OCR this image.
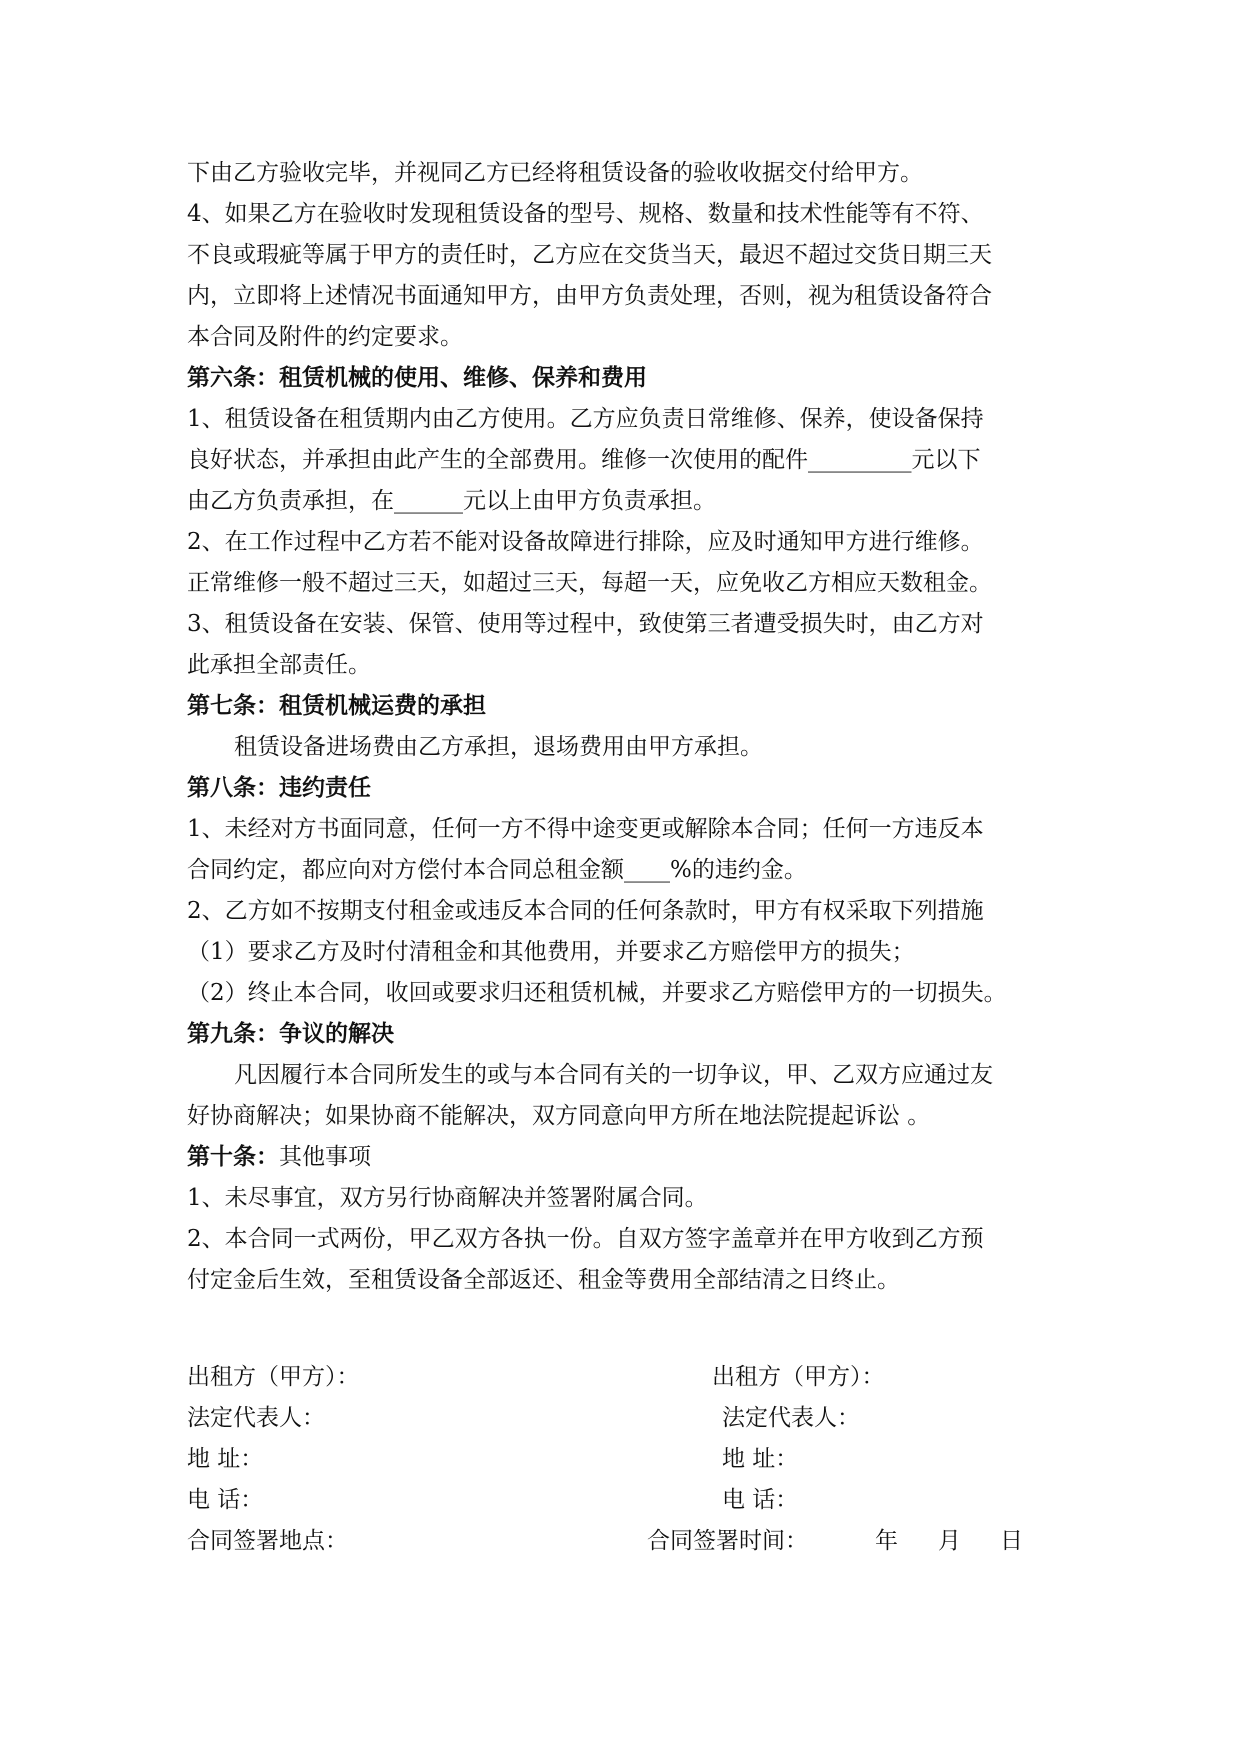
下由乙方验收完毕，并视同乙方已经将租赁设备的验收收据交付给甲方。
4、如果乙方在验收时发现租赁设备的型号、规格、数量和技术性能等有不符、
不良或瑕疵等属于甲方的责任时，乙方应在交货当天，最迟不超过交货日期三天
内，立即将上述情况书面通知甲方，由甲方负责处理，否则，视为租赁设备符合
本合同及附件的约定要求。
第六条：租赁机械的使用、维修、保养和费用
1、租赁设备在租赁期内由乙方使用。乙方应负责日常维修、保养，使设备保持
良好状态，并承担由此产生的全部费用。维修一次使用的配件_________元以下
由乙方负责承担，在______元以上由甲方负责承担。
2、在工作过程中乙方若不能对设备故障进行排除，应及时通知甲方进行维修。
正常维修一般不超过三天，如超过三天，每超一天，应免收乙方相应天数租金。
3、租赁设备在安装、保管、使用等过程中，致使第三者遭受损失时，由乙方对
此承担全部责任。
第七条：租赁机械运费的承担
租赁设备进场费由乙方承担，退场费用由甲方承担。
第八条：违约责任
1、未经对方书面同意，任何一方不得中途变更或解除本合同；任何一方违反本
合同约定，都应向对方偿付本合同总租金额____%的违约金。
2、乙方如不按期支付租金或违反本合同的任何条款时，甲方有权采取下列措施
（1）要求乙方及时付清租金和其他费用，并要求乙方赔偿甲方的损失；
（2）终止本合同，收回或要求归还租赁机械，并要求乙方赔偿甲方的一切损失。
第九条：争议的解决
凡因履行本合同所发生的或与本合同有关的一切争议，甲、乙双方应通过友
好协商解决；如果协商不能解决，双方同意向甲方所在地法院提起诉讼 。
第十条：其他事项
1、未尽事宜，双方另行协商解决并签署附属合同。
2、本合同一式两份，甲乙双方各执一份。自双方签字盖章并在甲方收到乙方预
付定金后生效，至租赁设备全部返还、租金等费用全部结清之日终止。
出租方（甲方）：
法定代表人：
地 址：
电 话：
合同签署地点：
出租方（甲方）：
法定代表人：
地 址：
电 话：
合同签署时间：	年 月 日
